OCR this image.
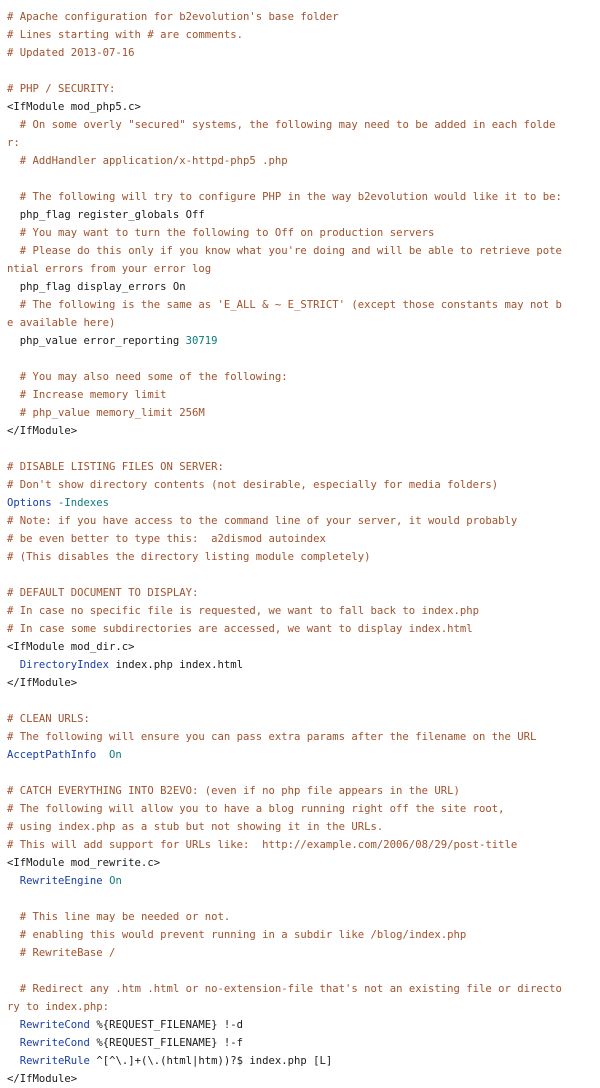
# Apache configuration for b2evolution's base folder
# Lines starting with # are comments.
# Updated 2013-07-16
# PHP / SECURITY:
<IfModule mod_php5.c>
# On some overly "secured" systems, the following may need to be added in each folder:
# AddHandler application/x-httpd-php5 .php
# The following will try to configure PHP in the way b2evolution would like it to be:
php_flag register_globals Off
# You may want to turn the following to Off on production servers
# Please do this only if you know what you're doing and will be able to retrieve potential errors from your error log
php_flag display_errors On
# The following is the same as 'E_ALL & ~ E_STRICT' (except those constants may not be available here)
php_value error_reporting 30719
# You may also need some of the following:
# Increase memory limit
# php_value memory_limit 256M
</IfModule>
# DISABLE LISTING FILES ON SERVER:
# Don't show directory contents (not desirable, especially for media folders)
Options -Indexes
# Note: if you have access to the command line of your server, it would probably
# be even better to type this:  a2dismod autoindex
# (This disables the directory listing module completely)
# DEFAULT DOCUMENT TO DISPLAY:
# In case no specific file is requested, we want to fall back to index.php
# In case some subdirectories are accessed, we want to display index.html
<IfModule mod_dir.c>
DirectoryIndex index.php index.html
</IfModule>
# CLEAN URLS:
# The following will ensure you can pass extra params after the filename on the URL
AcceptPathInfo  On
# CATCH EVERYTHING INTO B2EVO: (even if no php file appears in the URL)
# The following will allow you to have a blog running right off the site root,
# using index.php as a stub but not showing it in the URLs.
# This will add support for URLs like:  http://example.com/2006/08/29/post-title
<IfModule mod_rewrite.c>
RewriteEngine On
# This line may be needed or not.
# enabling this would prevent running in a subdir like /blog/index.php
# RewriteBase /
# Redirect any .htm .html or no-extension-file that's not an existing file or directory to index.php:
RewriteCond %{REQUEST_FILENAME} !-d
RewriteCond %{REQUEST_FILENAME} !-f
RewriteRule ^[^\.]+(\.(html|htm))?$ index.php [L]
</IfModule>
